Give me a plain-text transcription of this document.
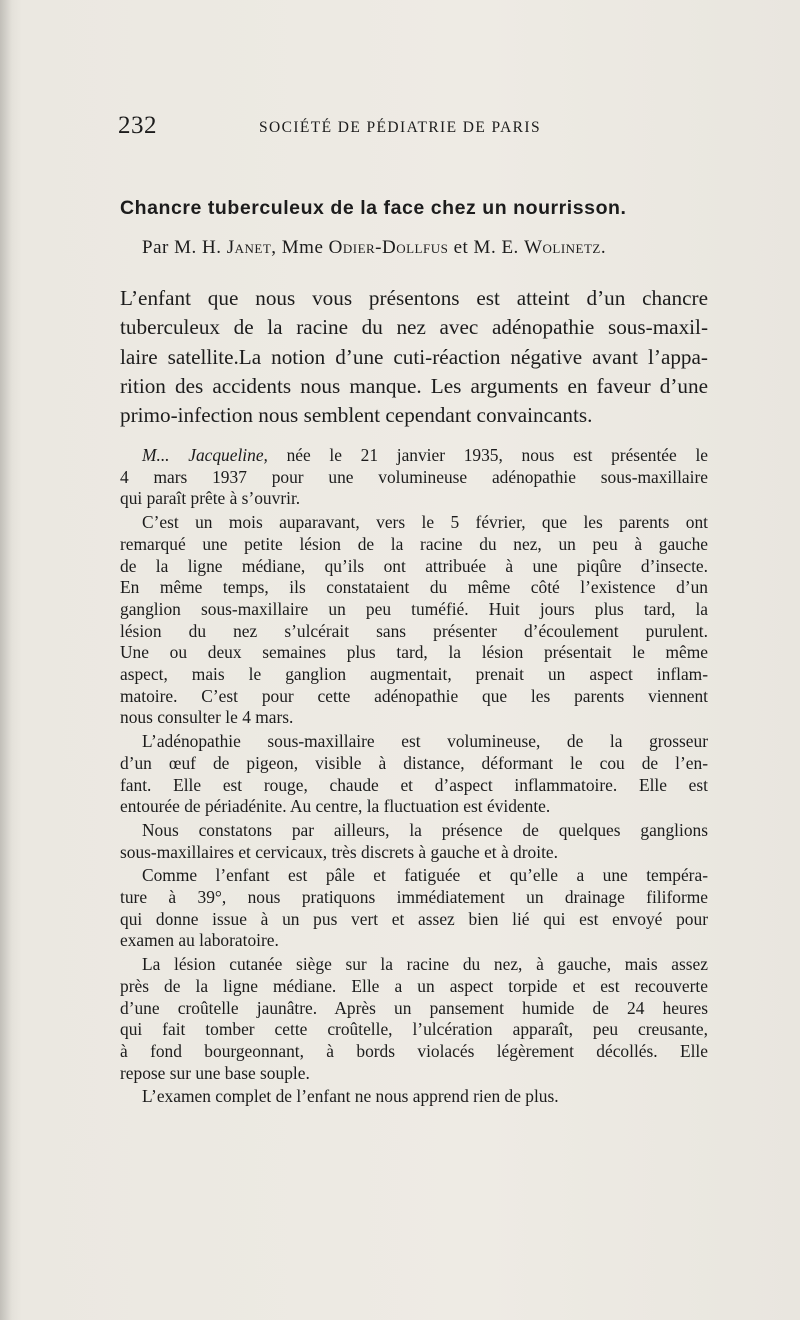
232	SOCIÉTÉ DE PÉDIATRIE DE PARIS
Chancre tuberculeux de la face chez un nourrisson.
Par M. H. Janet, Mme Odier-Dollfus et M. E. Wolinetz.
L’enfant que nous vous présentons est atteint d’un chancre
tuberculeux de la racine du nez avec adénopathie sous-maxil-
laire satellite.La notion d’une cuti-réaction négative avant l’appa-
rition des accidents nous manque. Les arguments en faveur d’une
primo-infection nous semblent cependant convaincants.
M... Jacqueline, née le 21 janvier 1935, nous est présentée le
4 mars 1937 pour une volumineuse adénopathie sous-maxillaire
qui paraît prête à s’ouvrir.
C’est un mois auparavant, vers le 5 février, que les parents ont
remarqué une petite lésion de la racine du nez, un peu à gauche
de la ligne médiane, qu’ils ont attribuée à une piqûre d’insecte.
En même temps, ils constataient du même côté l’existence d’un
ganglion sous-maxillaire un peu tuméfié. Huit jours plus tard, la
lésion du nez s’ulcérait sans présenter d’écoulement purulent.
Une ou deux semaines plus tard, la lésion présentait le même
aspect, mais le ganglion augmentait, prenait un aspect inflam-
matoire. C’est pour cette adénopathie que les parents viennent
nous consulter le 4 mars.
L’adénopathie sous-maxillaire est volumineuse, de la grosseur
d’un œuf de pigeon, visible à distance, déformant le cou de l’en-
fant. Elle est rouge, chaude et d’aspect inflammatoire. Elle est
entourée de périadénite. Au centre, la fluctuation est évidente.
Nous constatons par ailleurs, la présence de quelques ganglions
sous-maxillaires et cervicaux, très discrets à gauche et à droite.
Comme l’enfant est pâle et fatiguée et qu’elle a une tempéra-
ture à 39°, nous pratiquons immédiatement un drainage filiforme
qui donne issue à un pus vert et assez bien lié qui est envoyé pour
examen au laboratoire.
La lésion cutanée siège sur la racine du nez, à gauche, mais assez
près de la ligne médiane. Elle a un aspect torpide et est recouverte
d’une croûtelle jaunâtre. Après un pansement humide de 24 heures
qui fait tomber cette croûtelle, l’ulcération apparaît, peu creusante,
à fond bourgeonnant, à bords violacés légèrement décollés. Elle
repose sur une base souple.
L’examen complet de l’enfant ne nous apprend rien de plus.
